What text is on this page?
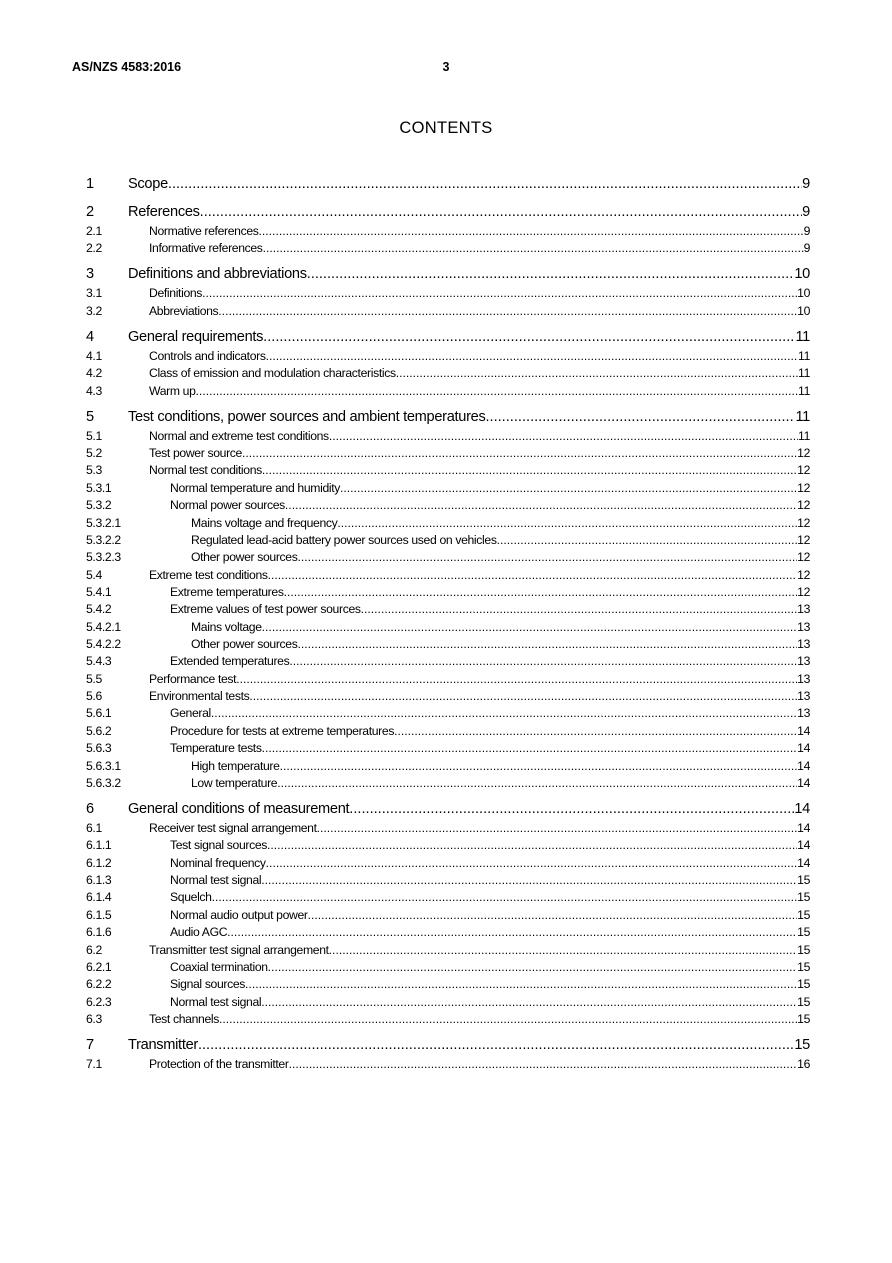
AS/NZS 4583:2016	3
CONTENTS
1	Scope .....	9
2	References .....	9
2.1	Normative references .....	9
2.2	Informative references .....	9
3	Definitions and abbreviations .....	10
3.1	Definitions .....	10
3.2	Abbreviations .....	10
4	General requirements .....	11
4.1	Controls and indicators .....	11
4.2	Class of emission and modulation characteristics .....	11
4.3	Warm up .....	11
5	Test conditions, power sources and ambient temperatures .....	11
5.1	Normal and extreme test conditions .....	11
5.2	Test power source .....	12
5.3	Normal test conditions .....	12
5.3.1	Normal temperature and humidity .....	12
5.3.2	Normal power sources .....	12
5.3.2.1	Mains voltage and frequency .....	12
5.3.2.2	Regulated lead-acid battery power sources used on vehicles .....	12
5.3.2.3	Other power sources .....	12
5.4	Extreme test conditions .....	12
5.4.1	Extreme temperatures .....	12
5.4.2	Extreme values of test power sources .....	13
5.4.2.1	Mains voltage .....	13
5.4.2.2	Other power sources .....	13
5.4.3	Extended temperatures .....	13
5.5	Performance test .....	13
5.6	Environmental tests .....	13
5.6.1	General .....	13
5.6.2	Procedure for tests at extreme temperatures .....	14
5.6.3	Temperature tests .....	14
5.6.3.1	High temperature .....	14
5.6.3.2	Low temperature .....	14
6	General conditions of measurement .....	14
6.1	Receiver test signal arrangement .....	14
6.1.1	Test signal sources .....	14
6.1.2	Nominal frequency .....	14
6.1.3	Normal test signal .....	15
6.1.4	Squelch .....	15
6.1.5	Normal audio output power .....	15
6.1.6	Audio AGC .....	15
6.2	Transmitter test signal arrangement .....	15
6.2.1	Coaxial termination .....	15
6.2.2	Signal sources .....	15
6.2.3	Normal test signal .....	15
6.3	Test channels .....	15
7	Transmitter .....	15
7.1	Protection of the transmitter .....	16
